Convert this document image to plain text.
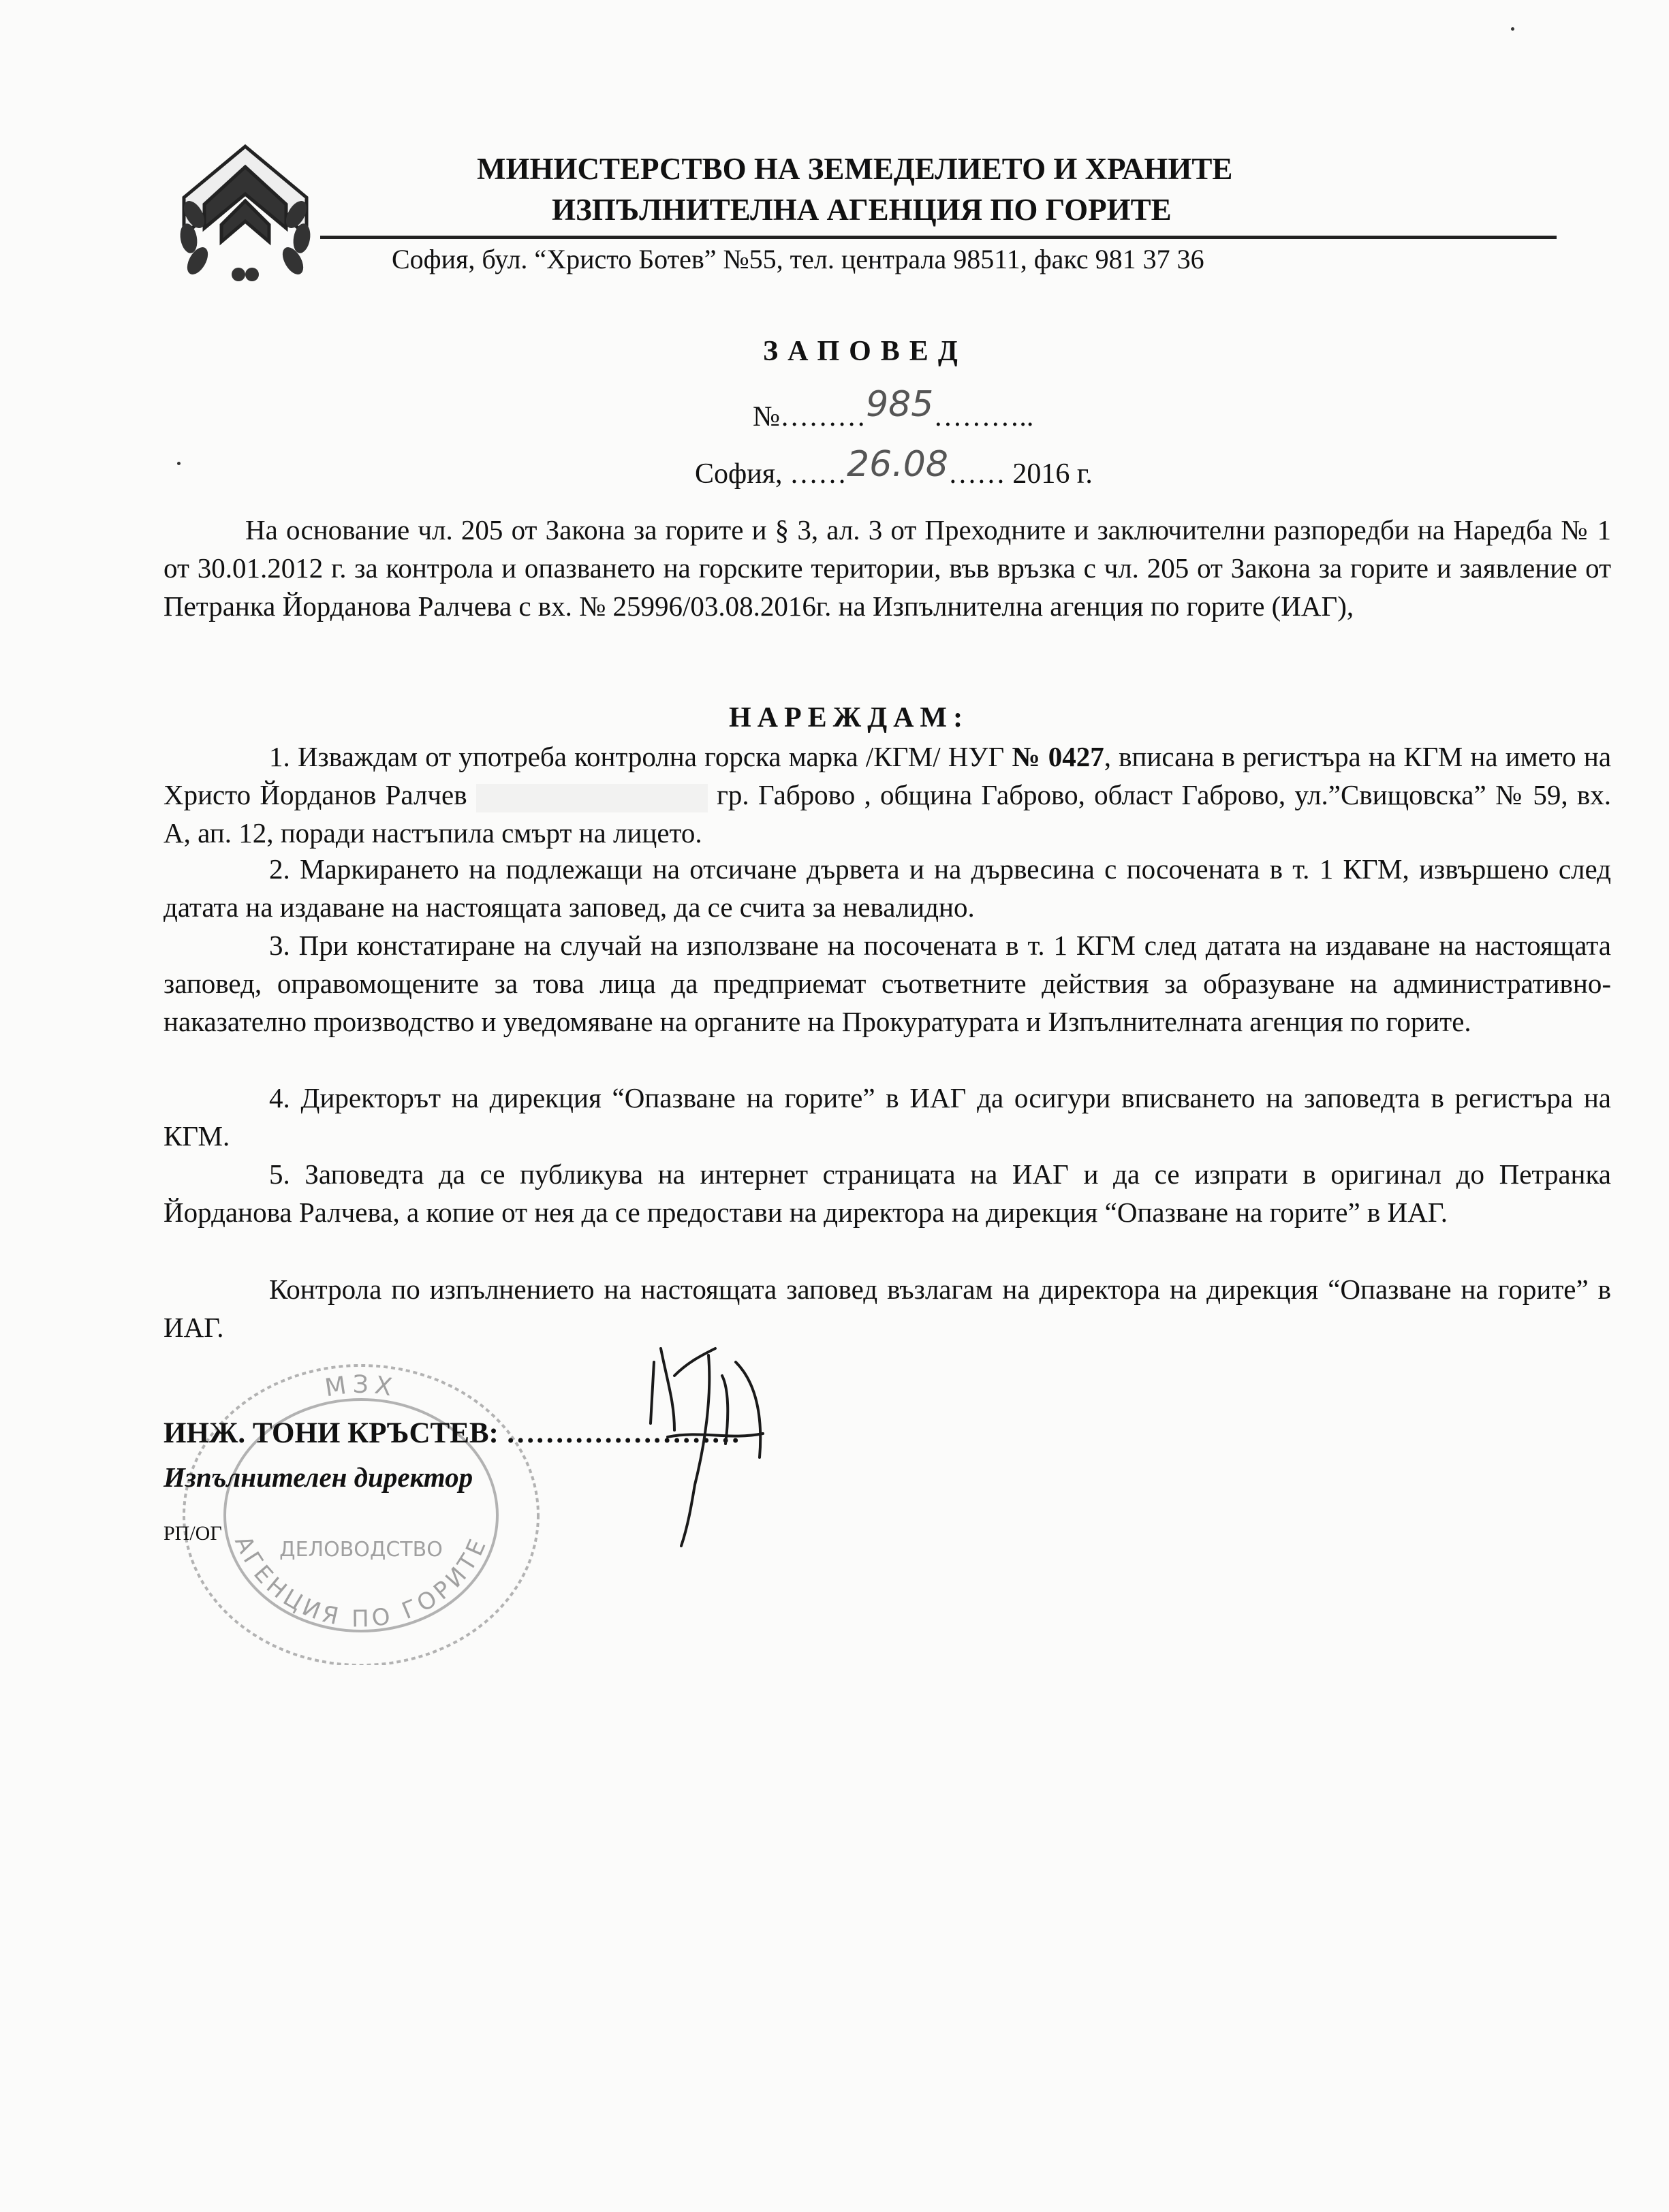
МИНИСТЕРСТВО НА ЗЕМЕДЕЛИЕТО И ХРАНИТЕ
ИЗПЪЛНИТЕЛНА АГЕНЦИЯ ПО ГОРИТЕ
София, бул. “Христо Ботев” №55, тел. централа 98511, факс 981 37 36
ЗАПОВЕД
№………985………..
София, ……26.08…… 2016 г.
На основание чл. 205 от Закона за горите и § 3, ал. 3 от Преходните и заключителни разпоредби на Наредба № 1 от 30.01.2012 г. за контрола и опазването на горските територии, във връзка с чл. 205 от Закона за горите и заявление от Петранка Йорданова Ралчева с вх. № 25996/03.08.2016г. на Изпълнителна агенция по горите (ИАГ),
НАРЕЖДАМ:
1. Изваждам от употреба контролна горска марка /КГМ/ НУГ № 0427, вписана в регистъра на КГМ на името на Христо Йорданов Ралчев	гр. Габрово , община Габрово, област Габрово, ул.”Свищовска” № 59, вх. А, ап. 12, поради настъпила смърт на лицето.
2. Маркирането на подлежащи на отсичане дървета и на дървесина с посочената в т. 1 КГМ, извършено след датата на издаване на настоящата заповед, да се счита за невалидно.
3. При констатиране на случай на използване на посочената в т. 1 КГМ след датата на издаване на настоящата заповед, оправомощените за това лица да предприемат съответните действия за образуване на административно-наказателно производство и уведомяване на органите на Прокуратурата и Изпълнителната агенция по горите.
4. Директорът на дирекция “Опазване на горите” в ИАГ да осигури вписването на заповедта в регистъра на КГМ.
5. Заповедта да се публикува на интернет страницата на ИАГ и да се изпрати в оригинал до Петранка Йорданова Ралчева, а копие от нея да се предостави на директора на дирекция “Опазване на горите” в ИАГ.
Контрола по изпълнението на настоящата заповед възлагам на директора на дирекция “Опазване на горите” в ИАГ.
МЗХ
АГЕНЦИЯ ПО ГОРИТЕ
ДЕЛОВОДСТВО
ИНЖ. ТОНИ КРЪСТЕВ: ……………………
Изпълнителен директор
РП/ОГ
